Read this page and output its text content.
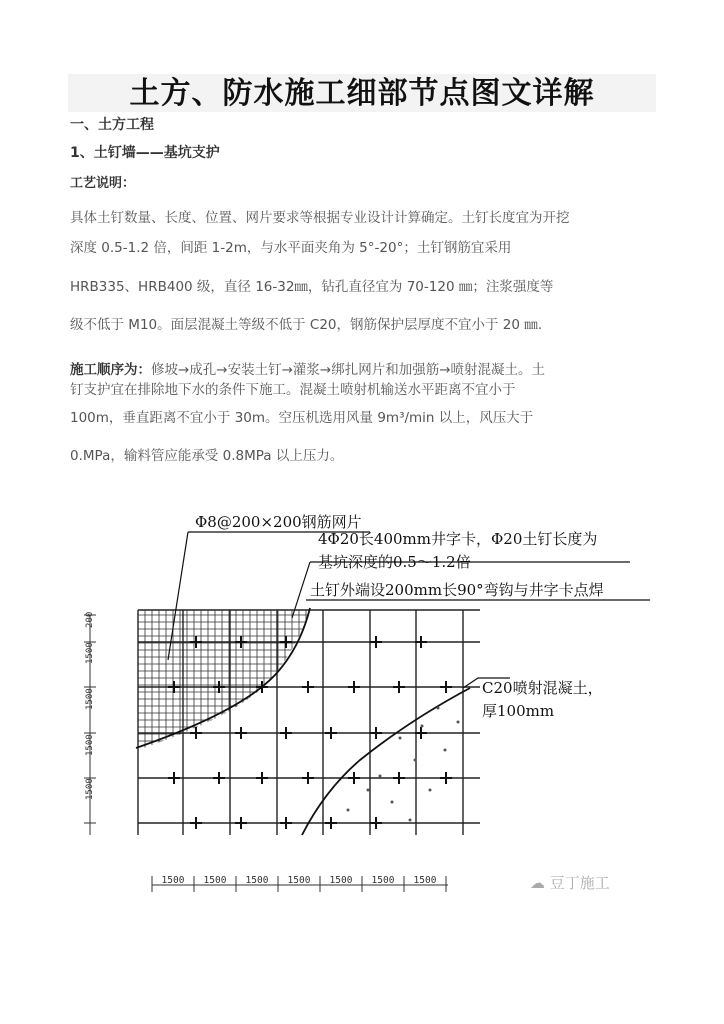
土方、防水施工细部节点图文详解
一、土方工程
1、土钉墙——基坑支护
工艺说明：
具体土钉数量、长度、位置、网片要求等根据专业设计计算确定。土钉长度宜为开挖
深度 0.5-1.2 倍，间距 1-2m，与水平面夹角为 5°-20°；土钉钢筋宜采用
HRB335、HRB400 级，直径 16-32㎜，钻孔直径宜为 70-120 ㎜；注浆强度等
级不低于 M10。面层混凝土等级不低于 C20，钢筋保护层厚度不宜小于 20 ㎜.
施工顺序为：修坡→成孔→安装土钉→灌浆→绑扎网片和加强筋→喷射混凝土。土
钉支护宜在排除地下水的条件下施工。混凝土喷射机输送水平距离不宜小于
100m，垂直距离不宜小于 30m。空压机选用风量 9m³/min 以上，风压大于
0.MPa，输料管应能承受 0.8MPa 以上压力。
200
1500
1500
1500
1500
1500 1500 1500 1500 1500 1500 1500
Φ8@200×200钢筋网片
4Φ20长400mm井字卡，Φ20土钉长度为
基坑深度的0.5～1.2倍
土钉外端设200mm长90°弯钩与井字卡点焊
C20喷射混凝土，
厚100mm
☁ 豆丁施工
